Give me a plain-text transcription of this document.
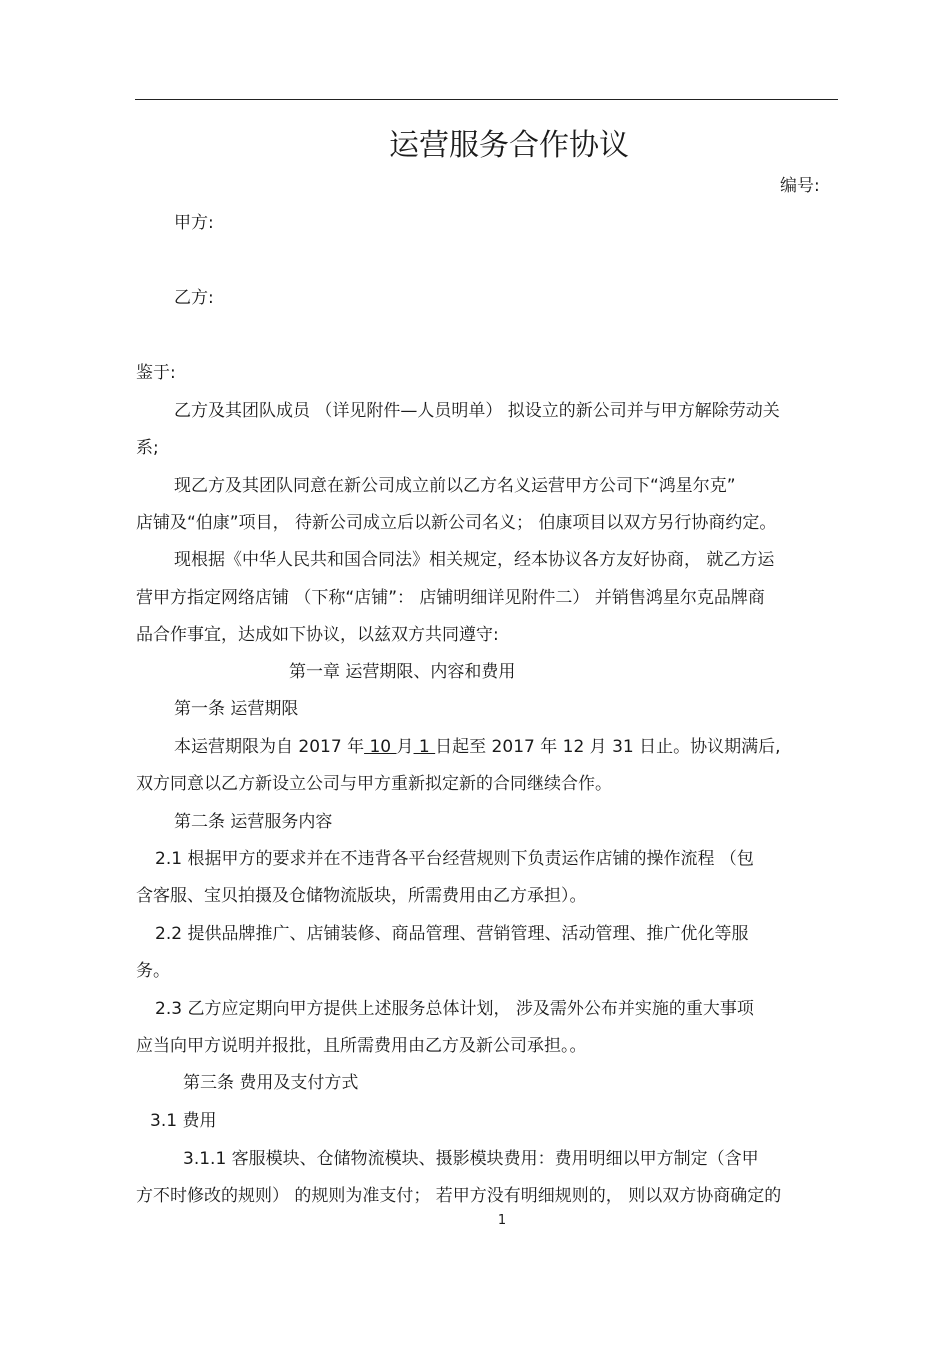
运营服务合作协议
编号:
甲方:
乙方:
鉴于:
乙方及其团队成员 （详见附件—人员明单） 拟设立的新公司并与甲方解除劳动关
系;
现乙方及其团队同意在新公司成立前以乙方名义运营甲方公司下“鸿星尔克”
店铺及“伯康”项目， 待新公司成立后以新公司名义； 伯康项目以双方另行协商约定。
现根据《中华人民共和国合同法》相关规定，经本协议各方友好协商， 就乙方运
营甲方指定网络店铺 （下称“店铺”： 店铺明细详见附件二） 并销售鸿星尔克品牌商
品合作事宜，达成如下协议，以兹双方共同遵守:
第一章 运营期限、内容和费用
第一条 运营期限
本运营期限为自 2017 年 10 月 1 日起至 2017 年 12 月 31 日止。协议期满后,
双方同意以乙方新设立公司与甲方重新拟定新的合同继续合作。
第二条 运营服务内容
2.1 根据甲方的要求并在不违背各平台经营规则下负责运作店铺的操作流程 （包
含客服、宝贝拍摄及仓储物流版块，所需费用由乙方承担）。
2.2 提供品牌推广、店铺装修、商品管理、营销管理、活动管理、推广优化等服
务。
2.3 乙方应定期向甲方提供上述服务总体计划， 涉及需外公布并实施的重大事项
应当向甲方说明并报批，且所需费用由乙方及新公司承担。。
第三条 费用及支付方式
3.1 费用
3.1.1 客服模块、仓储物流模块、摄影模块费用：费用明细以甲方制定（含甲
方不时修改的规则） 的规则为准支付； 若甲方没有明细规则的， 则以双方协商确定的
1
